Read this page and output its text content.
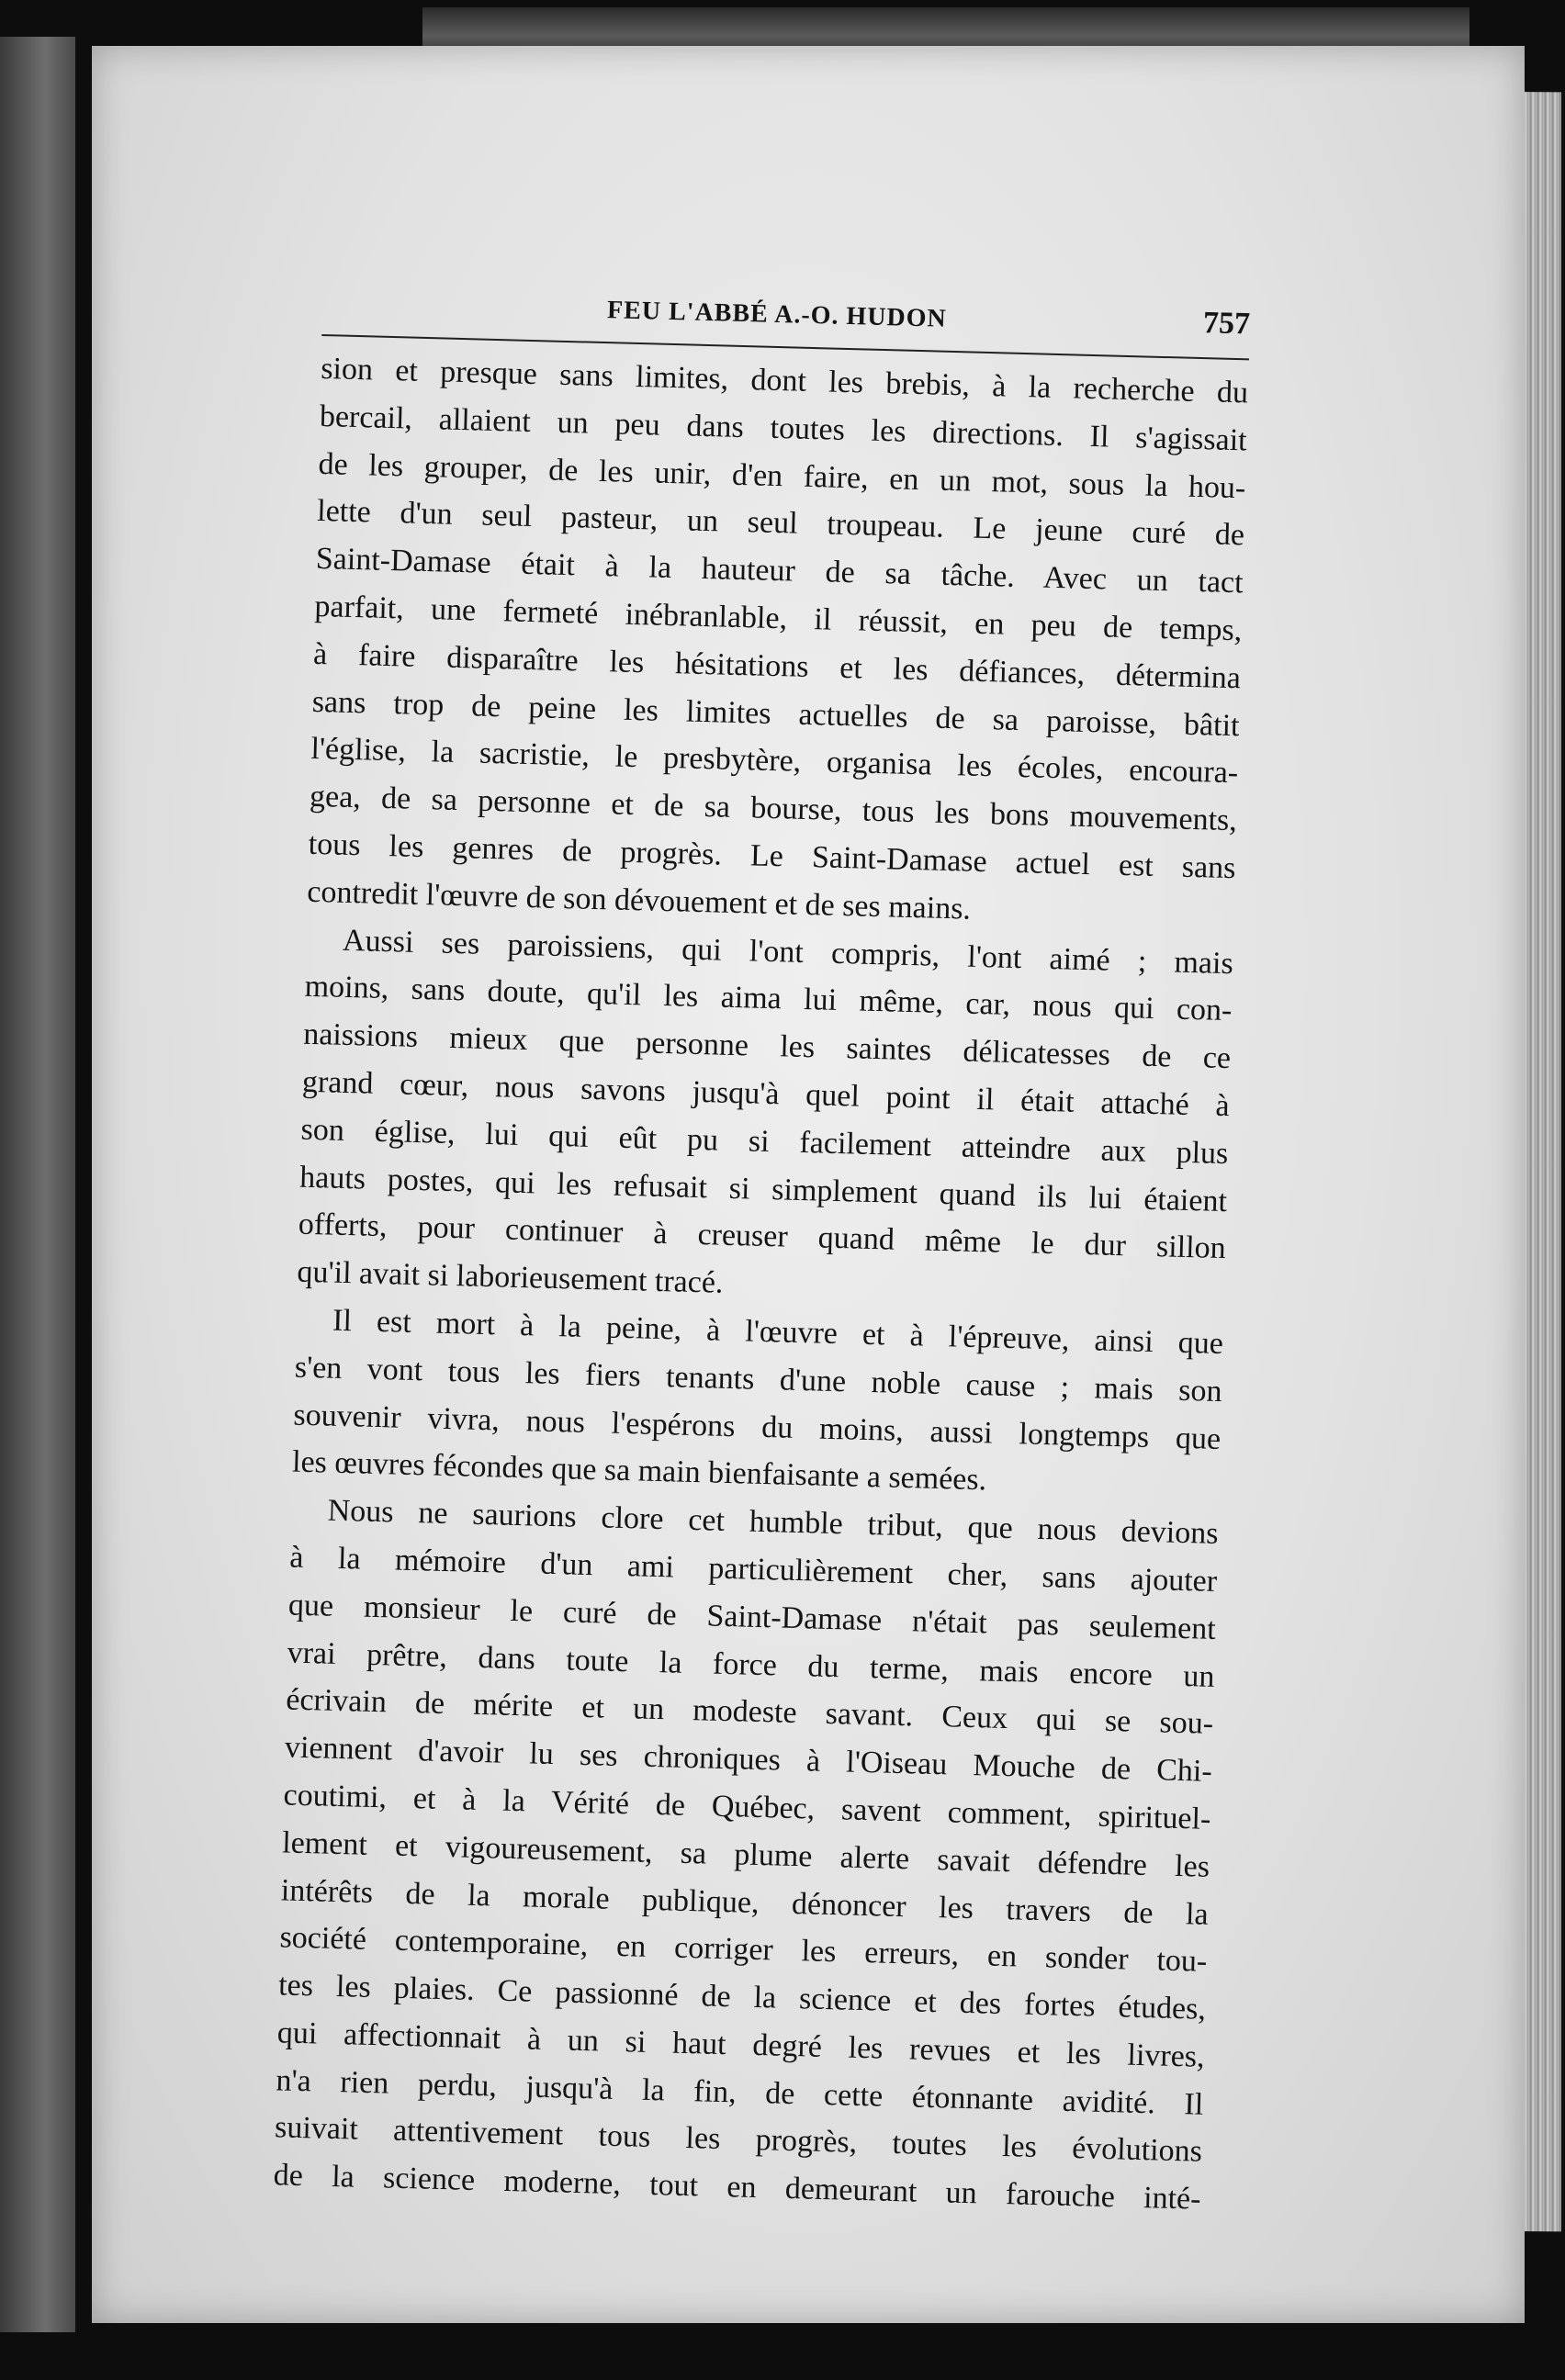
FEU L'ABBÉ A.-O. HUDON	757
sion et presque sans limites, dont les brebis, à la recherche du
bercail, allaient un peu dans toutes les directions. Il s'agissait
de les grouper, de les unir, d'en faire, en un mot, sous la hou-
lette d'un seul pasteur, un seul troupeau. Le jeune curé de
Saint-Damase était à la hauteur de sa tâche. Avec un tact
parfait, une fermeté inébranlable, il réussit, en peu de temps,
à faire disparaître les hésitations et les défiances, détermina
sans trop de peine les limites actuelles de sa paroisse, bâtit
l'église, la sacristie, le presbytère, organisa les écoles, encoura-
gea, de sa personne et de sa bourse, tous les bons mouvements,
tous les genres de progrès. Le Saint-Damase actuel est sans
contredit l'œuvre de son dévouement et de ses mains.
Aussi ses paroissiens, qui l'ont compris, l'ont aimé ; mais
moins, sans doute, qu'il les aima lui même, car, nous qui con-
naissions mieux que personne les saintes délicatesses de ce
grand cœur, nous savons jusqu'à quel point il était attaché à
son église, lui qui eût pu si facilement atteindre aux plus
hauts postes, qui les refusait si simplement quand ils lui étaient
offerts, pour continuer à creuser quand même le dur sillon
qu'il avait si laborieusement tracé.
Il est mort à la peine, à l'œuvre et à l'épreuve, ainsi que
s'en vont tous les fiers tenants d'une noble cause ; mais son
souvenir vivra, nous l'espérons du moins, aussi longtemps que
les œuvres fécondes que sa main bienfaisante a semées.
Nous ne saurions clore cet humble tribut, que nous devions
à la mémoire d'un ami particulièrement cher, sans ajouter
que monsieur le curé de Saint-Damase n'était pas seulement
vrai prêtre, dans toute la force du terme, mais encore un
écrivain de mérite et un modeste savant. Ceux qui se sou-
viennent d'avoir lu ses chroniques à l'Oiseau Mouche de Chi-
coutimi, et à la Vérité de Québec, savent comment, spirituel-
lement et vigoureusement, sa plume alerte savait défendre les
intérêts de la morale publique, dénoncer les travers de la
société contemporaine, en corriger les erreurs, en sonder tou-
tes les plaies. Ce passionné de la science et des fortes études,
qui affectionnait à un si haut degré les revues et les livres,
n'a rien perdu, jusqu'à la fin, de cette étonnante avidité. Il
suivait attentivement tous les progrès, toutes les évolutions
de la science moderne, tout en demeurant un farouche inté-
